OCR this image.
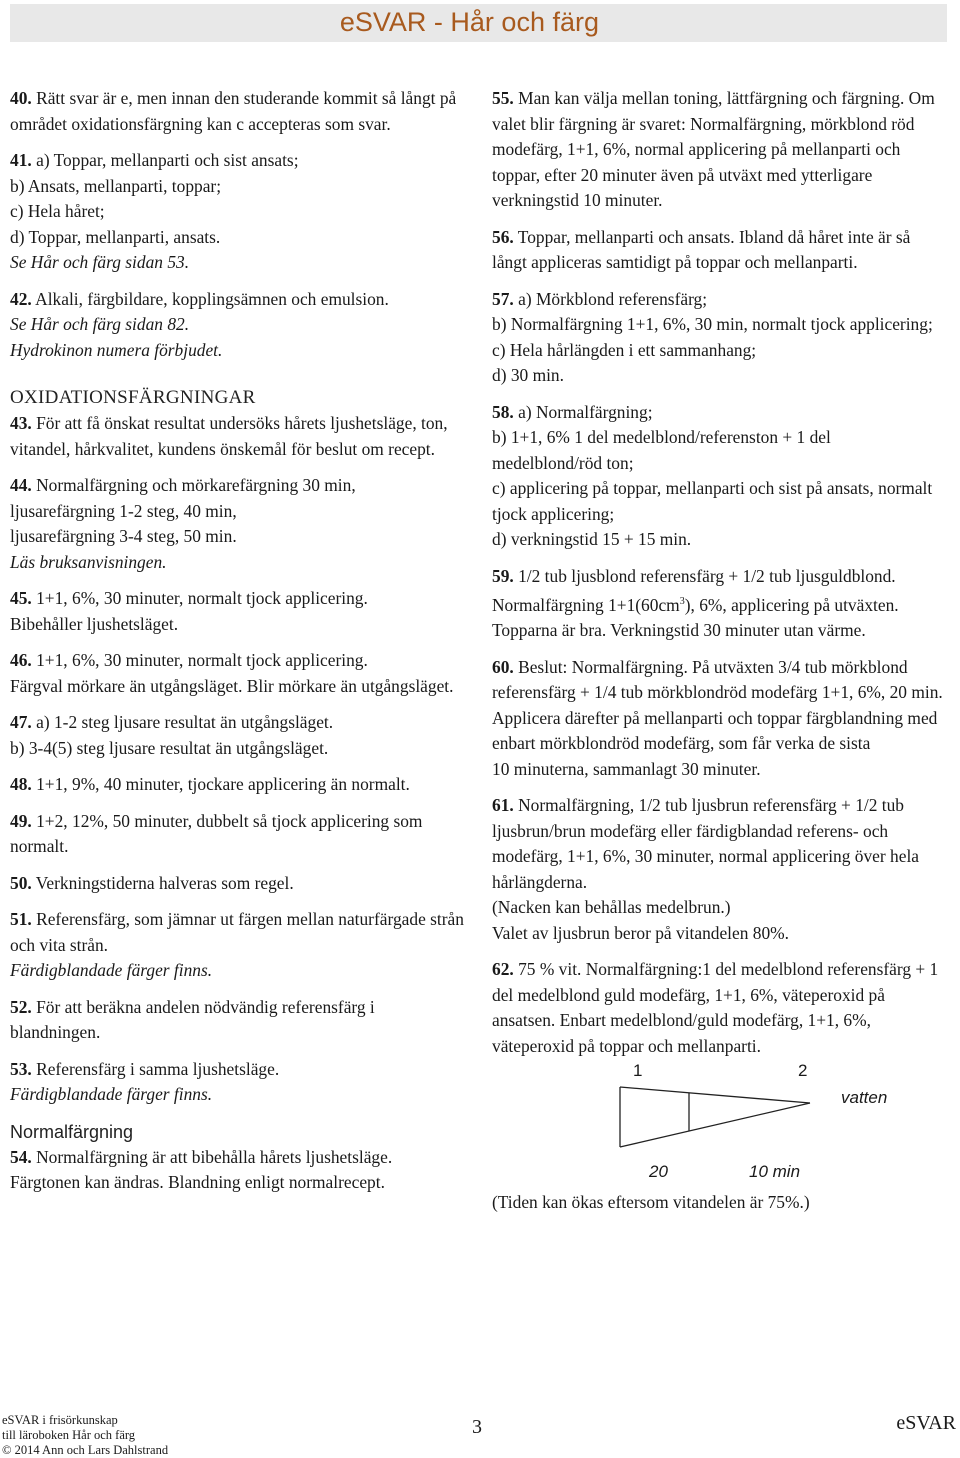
eSVAR - Hår och färg

40. Rätt svar är e, men innan den studerande kommit så långt på området oxidationsfärgning kan c accepteras som svar.

41. a) Toppar, mellanparti och sist ansats;
b) Ansats, mellanparti, toppar;
c) Hela håret;
d) Toppar, mellanparti, ansats.
Se Hår och färg sidan 53.

42. Alkali, färgbildare, kopplingsämnen och emulsion.
Se Hår och färg sidan 82.
Hydrokinon numera förbjudet.

OXIDATIONSFÄRGNINGAR

43. För att få önskat resultat undersöks hårets ljushetsläge, ton, vitandel, hårkvalitet, kundens önskemål för beslut om recept.

44. Normalfärgning och mörkarefärgning 30 min,
ljusarefärgning 1-2 steg, 40 min,
ljusarefärgning 3-4 steg, 50 min.
Läs bruksanvisningen.

45. 1+1, 6%, 30 minuter, normalt tjock applicering.
Bibehåller ljushetsläget.

46. 1+1, 6%, 30 minuter, normalt tjock applicering.
Färgval mörkare än utgångsläget. Blir mörkare än utgångsläget.

47. a) 1-2 steg ljusare resultat än utgångsläget.
b) 3-4(5) steg ljusare resultat än utgångsläget.

48. 1+1, 9%, 40 minuter, tjockare applicering än normalt.

49. 1+2, 12%, 50 minuter, dubbelt så tjock applicering som normalt.

50. Verkningstiderna halveras som regel.

51. Referensfärg, som jämnar ut färgen mellan naturfärgade strån och vita strån.
Färdigblandade färger finns.

52. För att beräkna andelen nödvändig referensfärg i blandningen.

53. Referensfärg i samma ljushetsläge.
Färdigblandade färger finns.

Normalfärgning

54. Normalfärgning är att bibehålla hårets ljushetsläge. Färgtonen kan ändras. Blandning enligt normalrecept.

55. Man kan välja mellan toning, lättfärgning och färgning. Om valet blir färgning är svaret: Normalfärgning, mörkblond röd modefärg, 1+1, 6%, normal applicering på mellanparti och toppar, efter 20 minuter även på utväxt med ytterligare verkningstid 10 minuter.

56. Toppar, mellanparti och ansats. Ibland då håret inte är så långt appliceras samtidigt på toppar och mellanparti.

57. a) Mörkblond referensfärg;
b) Normalfärgning 1+1, 6%, 30 min, normalt tjock applicering;
c) Hela hårlängden i ett sammanhang;
d) 30 min.

58. a) Normalfärgning;
b) 1+1, 6% 1 del medelblond/referenston + 1 del medelblond/röd ton;
c) applicering på toppar, mellanparti och sist på ansats, normalt tjock applicering;
d) verkningstid 15 + 15 min.

59. 1/2 tub ljusblond referensfärg + 1/2 tub ljusguldblond. Normalfärgning $1+1(60cm^3)$, 6%, applicering på utväxten. Topparna är bra. Verkningstid 30 minuter utan värme.

60. Beslut: Normalfärgning. På utväxten 3/4 tub mörkblond referensfärg + 1/4 tub mörkblondröd modefärg 1+1, 6%, 20 min. Applicera därefter på mellanparti och toppar färgblandning med enbart mörkblondröd modefärg, som får verka de sista
10 minuterna, sammanlagt 30 minuter.

61. Normalfärgning, 1/2 tub ljusbrun referensfärg + 1/2 tub ljusbrun/brun modefärg eller färdigblandad referens- och modefärg, 1+1, 6%, 30 minuter, normal applicering över hela hårlängderna.
(Nacken kan behållas medelbrun.)
Valet av ljusbrun beror på vitandelen 80%.

62. 75 % vit. Normalfärgning:1 del medelblond referensfärg + 1 del medelblond guld modefärg, 1+1, 6%, väteperoxid på ansatsen. Enbart medelblond/guld modefärg, 1+1, 6%, väteperoxid på toppar och mellanparti.

1	2
vatten
20	10 min
(Tiden kan ökas eftersom vitandelen är 75%.)
eSVAR i frisörkunskap
till läroboken Hår och färg
© 2014 Ann och Lars Dahlstrand
3	eSVAR
